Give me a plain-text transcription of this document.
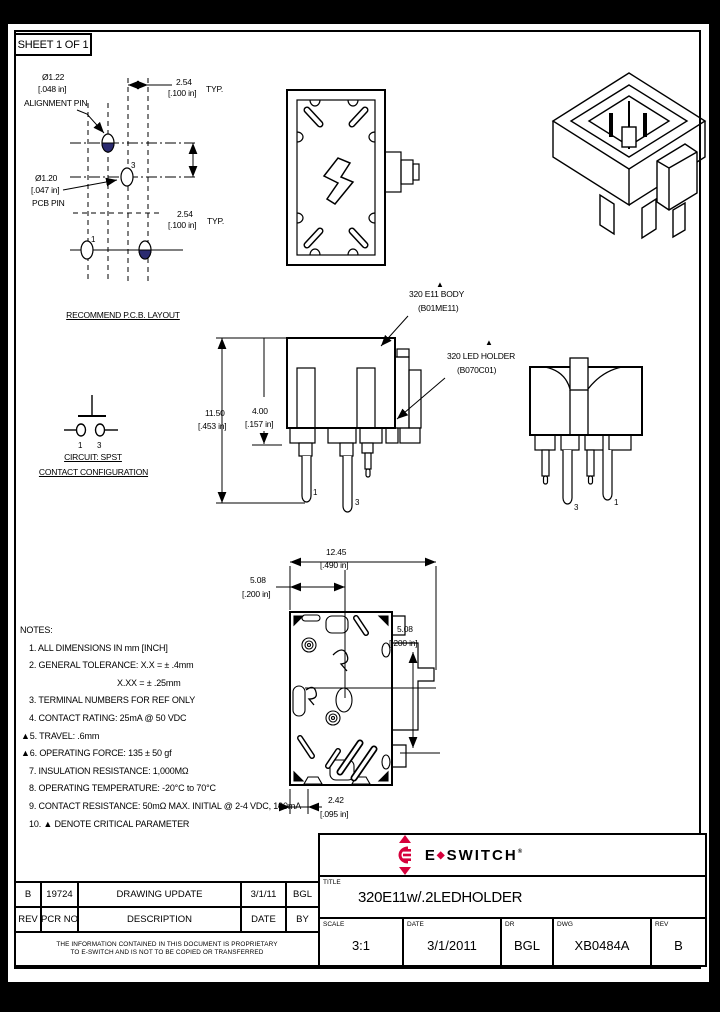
SHEET 1 OF 1
2.54
[.100 in] TYP.
2.54
[.100 in] TYP.
3
1
Ø1.22
[.048 in]
ALIGNMENT PIN
Ø1.20
[.047 in]
PCB PIN
RECOMMEND P.C.B. LAYOUT
11.50
[.453 in]
4.00
[.157 in]
1
3
▲
320 E11 BODY
(B01ME11)
▲
320 LED HOLDER
(B070C01)
3
1
1 3
CIRCUIT: SPST
CONTACT CONFIGURATION
12.45
[.490 in]
5.08
[.200 in]
5.08
[.200 in]
2.42
[.095 in]
NOTES:
1. ALL DIMENSIONS IN mm [INCH]
2. GENERAL TOLERANCE: X.X = ± .4mm
X.XX = ± .25mm
3. TERMINAL NUMBERS FOR REF ONLY
4. CONTACT RATING: 25mA @ 50 VDC
▲5. TRAVEL: .6mm
▲6. OPERATING FORCE: 135 ± 50 gf
7. INSULATION RESISTANCE: 1,000MΩ
8. OPERATING TEMPERATURE: -20°C to 70°C
9. CONTACT RESISTANCE: 50mΩ MAX. INITIAL @ 2-4 VDC, 100mA
10. ▲ DENOTE CRITICAL PARAMETER
B	19724	DRAWING UPDATE	3/1/11	BGL
REV PCR NO	DESCRIPTION	DATE	BY
THE INFORMATION CONTAINED IN THIS DOCUMENT IS PROPRIETARY
TO E-SWITCH AND IS NOT TO BE COPIED OR TRANSFERRED
E◆SWITCH®
TITLE
320E11w/.2LEDHOLDER
SCALE
3:1
DATE
3/1/2011
DR
BGL
DWG
XB0484A
REV
B
